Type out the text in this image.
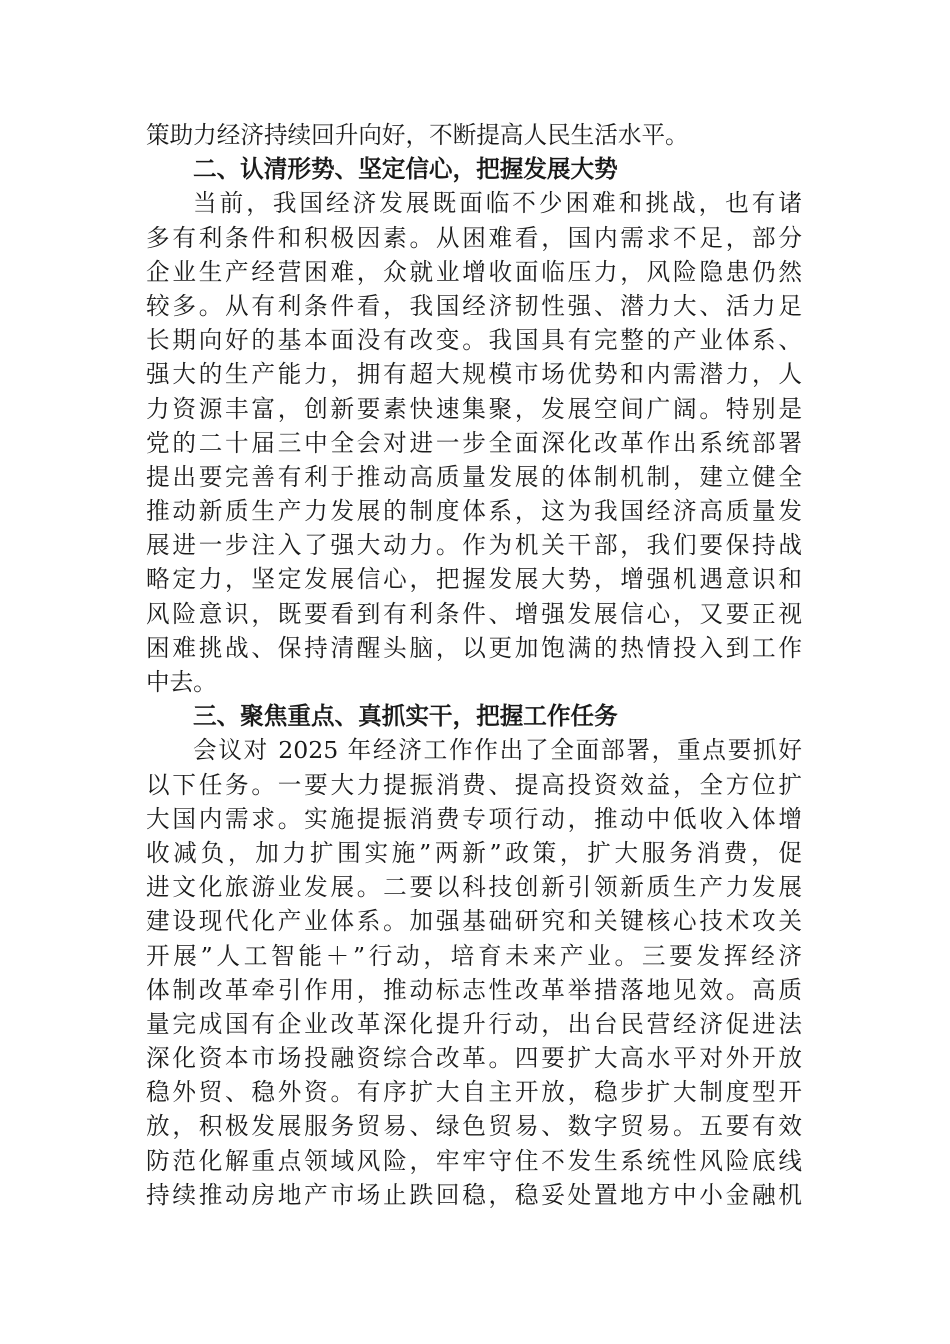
策助力经济持续回升向好，不断提高人民生活水平。
二、认清形势、坚定信心，把握发展大势
当前，我国经济发展既面临不少困难和挑战，也有诸
多有利条件和积极因素。从困难看，国内需求不足，部分
企业生产经营困难，众就业增收面临压力，风险隐患仍然
较多。从有利条件看，我国经济韧性强、潜力大、活力足
长期向好的基本面没有改变。我国具有完整的产业体系、
强大的生产能力，拥有超大规模市场优势和内需潜力，人
力资源丰富，创新要素快速集聚，发展空间广阔。特别是
党的二十届三中全会对进一步全面深化改革作出系统部署
提出要完善有利于推动高质量发展的体制机制，建立健全
推动新质生产力发展的制度体系，这为我国经济高质量发
展进一步注入了强大动力。作为机关干部，我们要保持战
略定力，坚定发展信心，把握发展大势，增强机遇意识和
风险意识，既要看到有利条件、增强发展信心，又要正视
困难挑战、保持清醒头脑，以更加饱满的热情投入到工作
中去。
三、聚焦重点、真抓实干，把握工作任务
会议对 2025 年经济工作作出了全面部署，重点要抓好
以下任务。一要大力提振消费、提高投资效益，全方位扩
大国内需求。实施提振消费专项行动，推动中低收入体增
收减负，加力扩围实施”两新”政策，扩大服务消费，促
进文化旅游业发展。二要以科技创新引领新质生产力发展
建设现代化产业体系。加强基础研究和关键核心技术攻关
开展”人工智能＋”行动，培育未来产业。三要发挥经济
体制改革牵引作用，推动标志性改革举措落地见效。高质
量完成国有企业改革深化提升行动，出台民营经济促进法
深化资本市场投融资综合改革。四要扩大高水平对外开放
稳外贸、稳外资。有序扩大自主开放，稳步扩大制度型开
放，积极发展服务贸易、绿色贸易、数字贸易。五要有效
防范化解重点领域风险，牢牢守住不发生系统性风险底线
持续推动房地产市场止跌回稳，稳妥处置地方中小金融机
